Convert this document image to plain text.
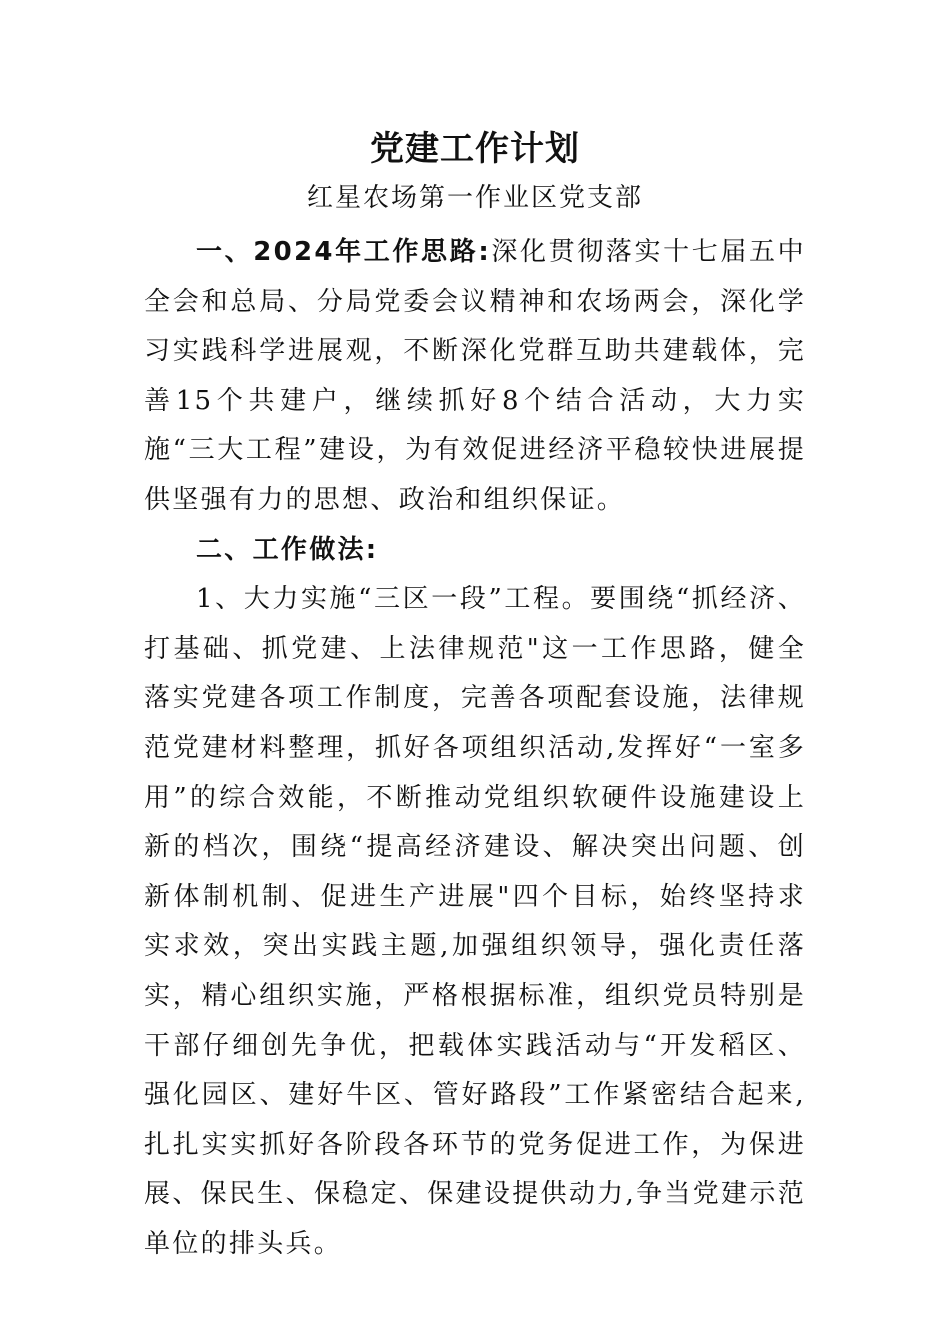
党建工作计划
红星农场第一作业区党支部

一、2024年工作思路:深化贯彻落实十七届五中全会和总局、分局党委会议精神和农场两会，深化学习实践科学进展观，不断深化党群互助共建载体，完善15个共建户，继续抓好8个结合活动，大力实施“三大工程”建设，为有效促进经济平稳较快进展提供坚强有力的思想、政治和组织保证。

二、工作做法:

1、大力实施“三区一段”工程。要围绕“抓经济、打基础、抓党建、上法律规范"这一工作思路，健全落实党建各项工作制度，完善各项配套设施，法律规范党建材料整理，抓好各项组织活动,发挥好“一室多用”的综合效能，不断推动党组织软硬件设施建设上新的档次，围绕“提高经济建设、解决突出问题、创新体制机制、促进生产进展"四个目标，始终坚持求实求效，突出实践主题,加强组织领导，强化责任落实，精心组织实施，严格根据标准，组织党员特别是干部仔细创先争优，把载体实践活动与“开发稻区、强化园区、建好牛区、管好路段”工作紧密结合起来,扎扎实实抓好各阶段各环节的党务促进工作，为保进展、保民生、保稳定、保建设提供动力,争当党建示范单位的排头兵。
